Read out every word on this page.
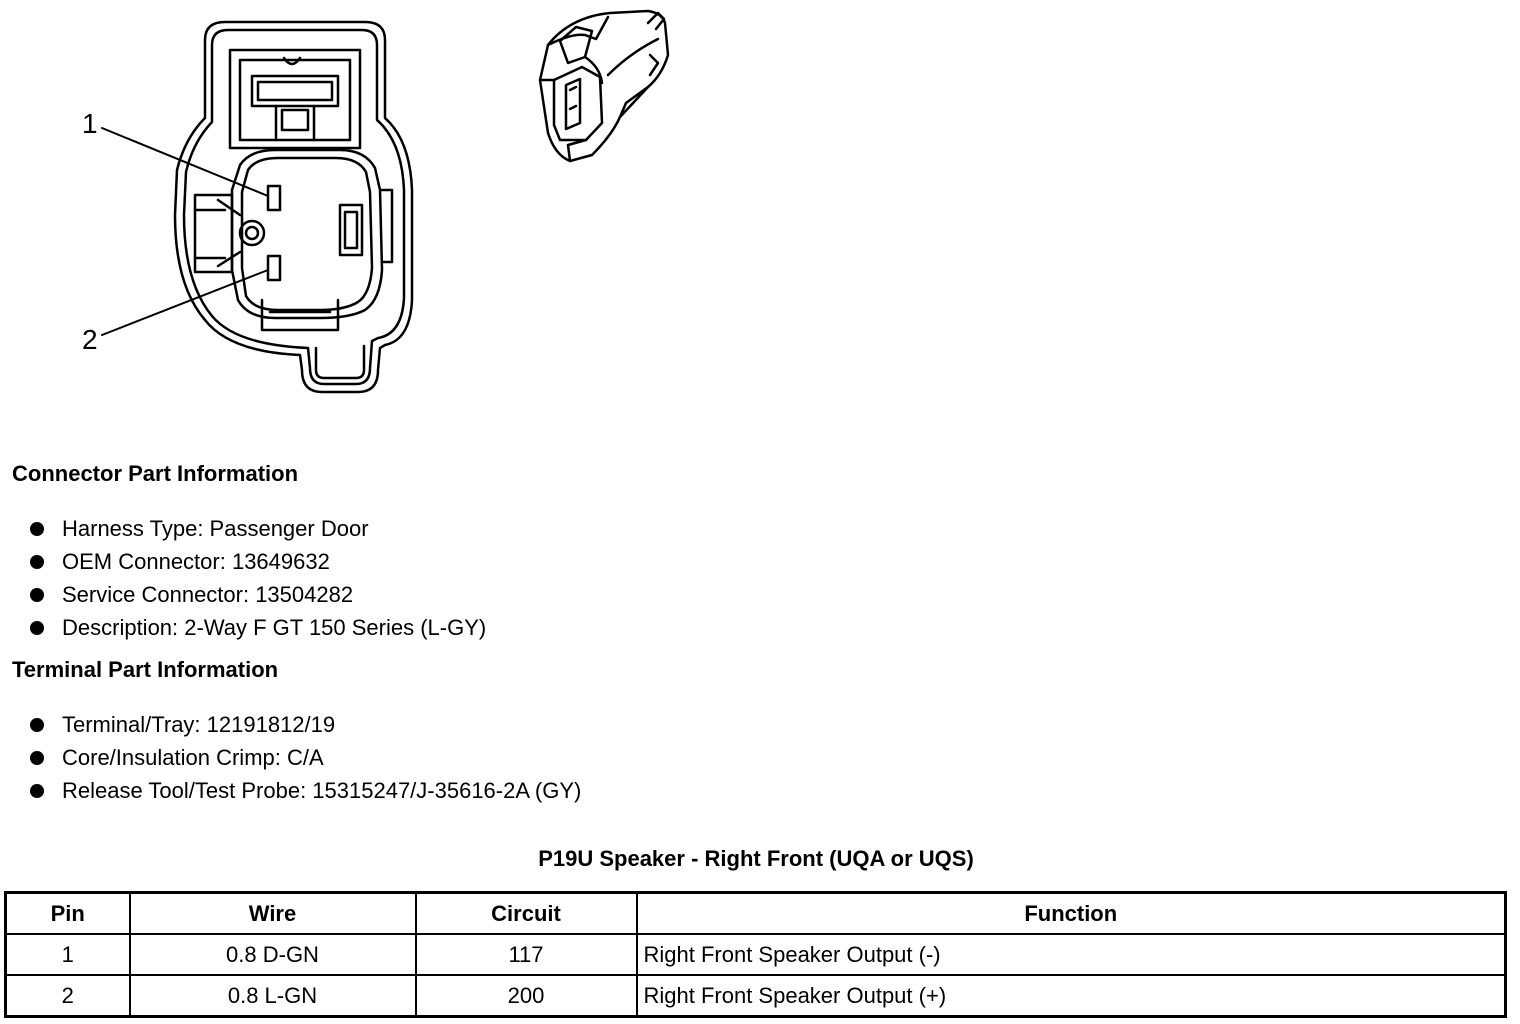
1
2
Connector Part Information
Harness Type: Passenger Door
OEM Connector: 13649632
Service Connector: 13504282
Description: 2-Way F GT 150 Series (L-GY)
Terminal Part Information
Terminal/Tray: 12191812/19
Core/Insulation Crimp: C/A
Release Tool/Test Probe: 15315247/J-35616-2A (GY)
P19U Speaker - Right Front (UQA or UQS)
Pin	Wire	Circuit	Function
1	0.8 D-GN	117	Right Front Speaker Output (-)
2	0.8 L-GN	200	Right Front Speaker Output (+)
